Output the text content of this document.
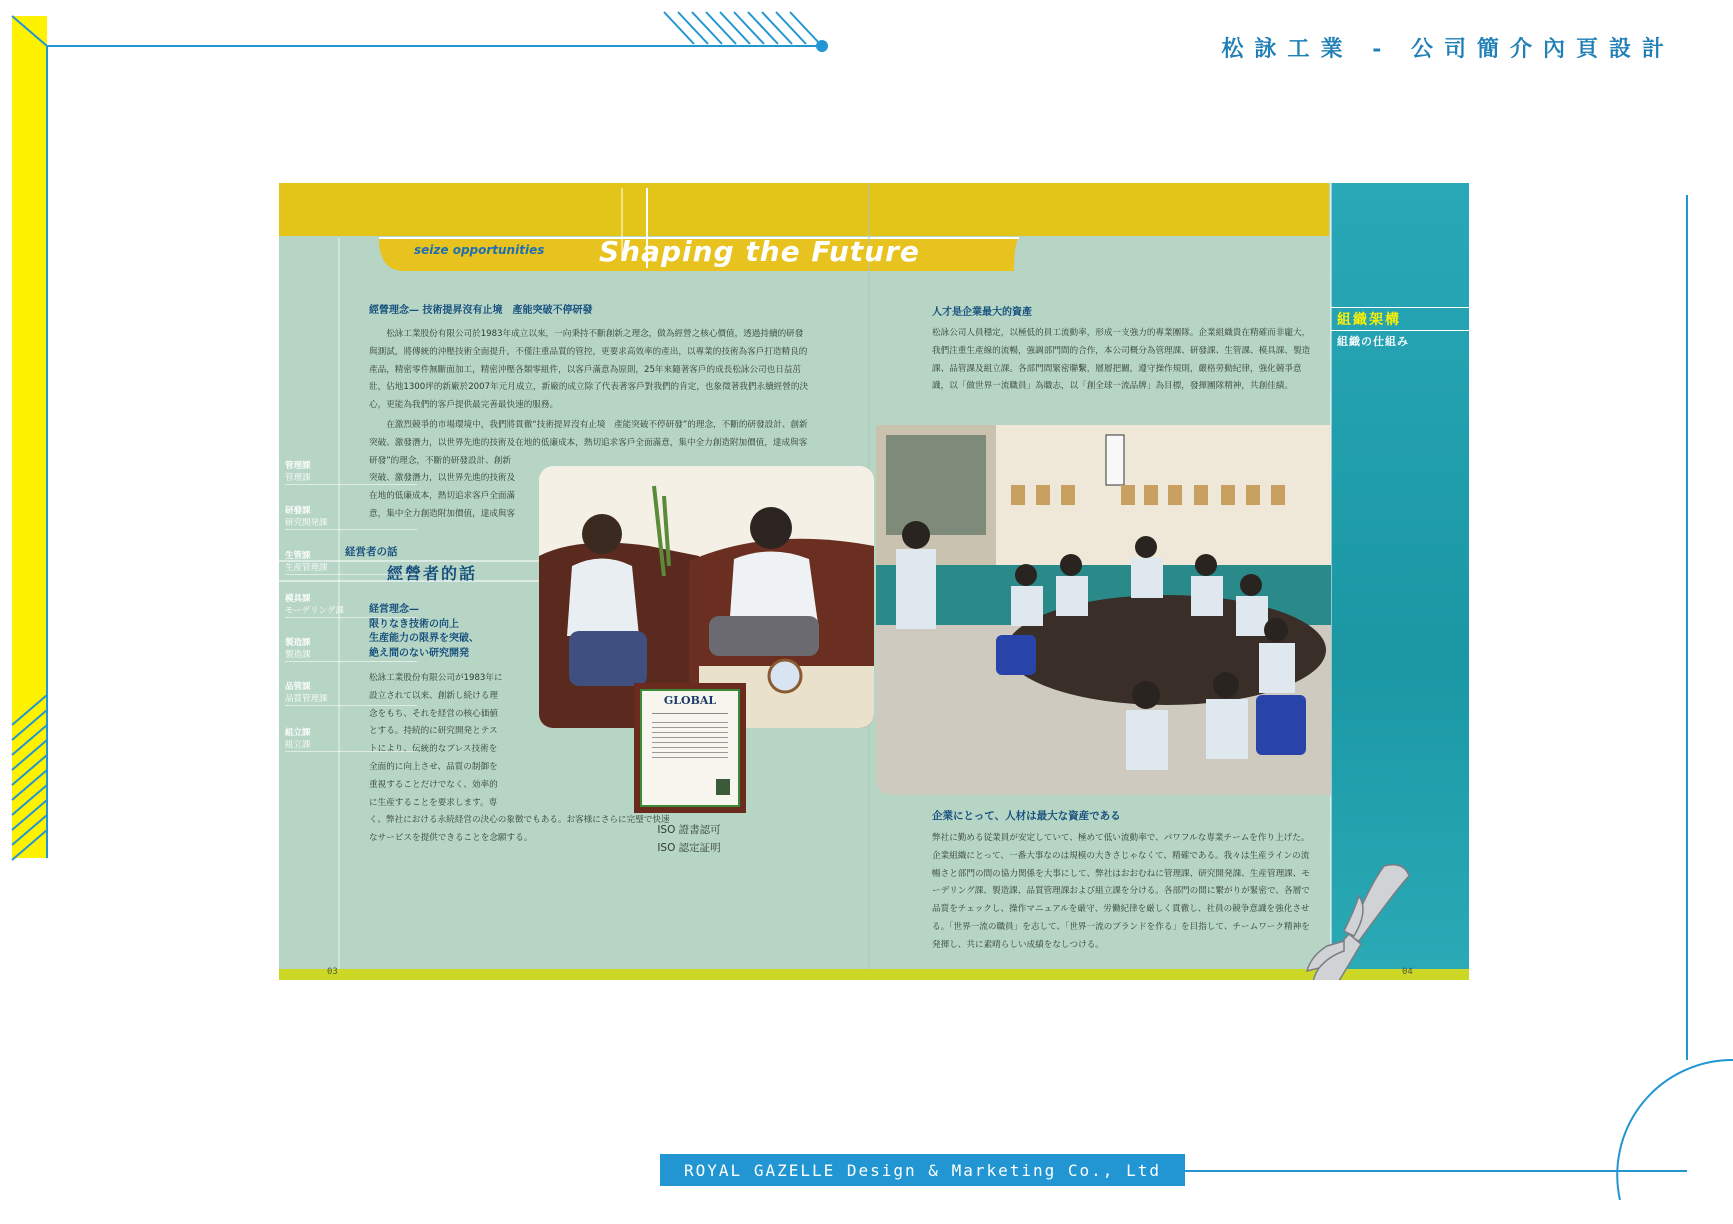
松詠工業 - 公司簡介內頁設計
ROYAL GAZELLE Design & Marketing Co., Ltd
seize opportunities Shaping the Future
經營理念— 技術提昇沒有止境　產能突破不停研發

松詠工業股份有限公司於1983年成立以來，一向秉持不斷創新之理念，做為經營之核心價值，透過持續的研發與測試，將傳統的沖壓技術全面提升，不僅注重品質的管控，更要求高效率的產出，以專業的技術為客戶打造精良的產品，精密零件無斷面加工，精密沖壓各類零組件，以客戶滿意為原則，25年來隨著客戶的成長松詠公司也日益茁壯，佔地1300坪的新廠於2007年元月成立，新廠的成立除了代表著客戶對我們的肯定，也象徵著我們永續經營的決心，更能為我們的客戶提供最完善最快速的服務。

在激烈競爭的市場環境中，我們將貫徹“技術提昇沒有止境　產能突破不停研發”的理念，不斷的研發設計、創新突破、激發潛力，以世界先進的技術及在地的低廉成本，熱切追求客戶全面滿意，集中全力創造附加價值，達成與客

　研發”的理念，不斷的研發設計、創新突破、激發潛力，以世界先進的技術及在地的低廉成本，熱切追求客戶全面滿意，集中全力創造附加價值，達成與客

経営者の話
經營者的話
経営理念—
限りなき技術の向上
生産能力の限界を突破、
絶え間のない研究開発

松詠工業股份有限公司が1983年に設立されて以来、創新し続ける理念をもち、それを経営の核心価値とする。持続的に研究開発とテストにより、伝統的なプレス技術を全面的に向上させ、品質の制御を重視することだけでなく、効率的に生産することを要求します。専

く、弊社における永続経営の決心の象徴でもある。お客様にさらに完璧で快速なサービスを提供できることを念願する。

GLOBAL
ISO 證書認可
ISO 認定証明
03
人才是企業最大的資產

松詠公司人員穩定，以極低的員工流動率，形成一支強力的專業團隊。企業組織貴在精確而非龐大，我們注重生產線的流暢，強調部門間的合作，本公司概分為管理課、研發課、生管課、模具課、製造課、品管課及組立課。各部門間緊密聯繫，層層把關，遵守操作規則，嚴格勞動紀律，強化競爭意識，以「做世界一流職員」為職志，以「創全球一流品牌」為目標，發揮團隊精神，共創佳績。

企業にとって、人材は最大な資産である

弊社に勤める従業員が安定していて、極めて低い流動率で、パワフルな専業チームを作り上げた。企業組織にとって、一番大事なのは規模の大きさじゃなくて、精確である。我々は生産ラインの流暢さと部門の間の協力関係を大事にして、弊社はおおむねに管理課、研究開発課、生産管理課、モーデリング課、製造課、品質管理課および組立課を分ける。各部門の間に繋がりが緊密で、各層で品質をチェックし、操作マニュアルを厳守、労働紀律を厳しく貫徹し、社員の競争意識を強化させる。「世界一流の職員」を志して、「世界一流のブランドを作る」を目指して、チームワーク精神を発揮し、共に素晴らしい成績をなしつける。

04
組織架構
組織の仕組み
管理課
管理課
研發課
研究開発課
生管課
生産管理課
模具課
モーデリング課
製造課
製造課
品管課
品質管理課
組立課
組立課
